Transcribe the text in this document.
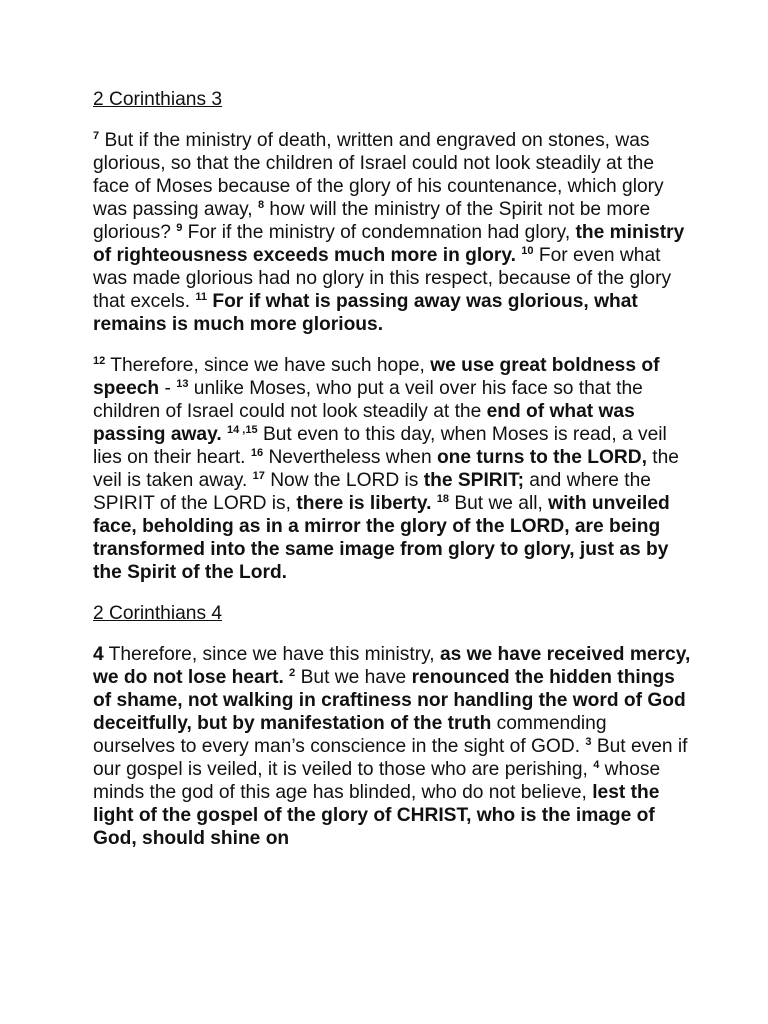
2 Corinthians 3

$^7$ But if the ministry of death, written and engraved on stones, was glorious, so that the children of Israel could not look steadily at the face of Moses because of the glory of his countenance, which glory was passing away, $^8$ how will the ministry of the Spirit not be more glorious? $^9$ For if the ministry of condemnation had glory, the ministry of righteousness exceeds much more in glory. $^{10}$ For even what was made glorious had no glory in this respect, because of the glory that excels. $^{11}$ For if what is passing away was glorious, what remains is much more glorious.

$^{12}$ Therefore, since we have such hope, we use great boldness of speech - $^{13}$ unlike Moses, who put a veil over his face so that the children of Israel could not look steadily at the end of what was passing away. $^{14 ,15}$ But even to this day, when Moses is read, a veil lies on their heart. $^{16}$ Nevertheless when one turns to the LORD, the veil is taken away. $^{17}$ Now the LORD is the SPIRIT; and where the SPIRIT of the LORD is, there is liberty. $^{18}$ But we all, with unveiled face, beholding as in a mirror the glory of the LORD, are being transformed into the same image from glory to glory, just as by the Spirit of the Lord.

2 Corinthians 4

4 Therefore, since we have this ministry, as we have received mercy, we do not lose heart. $^2$ But we have renounced the hidden things of shame, not walking in craftiness nor handling the word of God deceitfully, but by manifestation of the truth commending ourselves to every man’s conscience in the sight of GOD. $^3$ But even if our gospel is veiled, it is veiled to those who are perishing, $^4$ whose minds the god of this age has blinded, who do not believe, lest the light of the gospel of the glory of CHRIST, who is the image of God, should shine on
